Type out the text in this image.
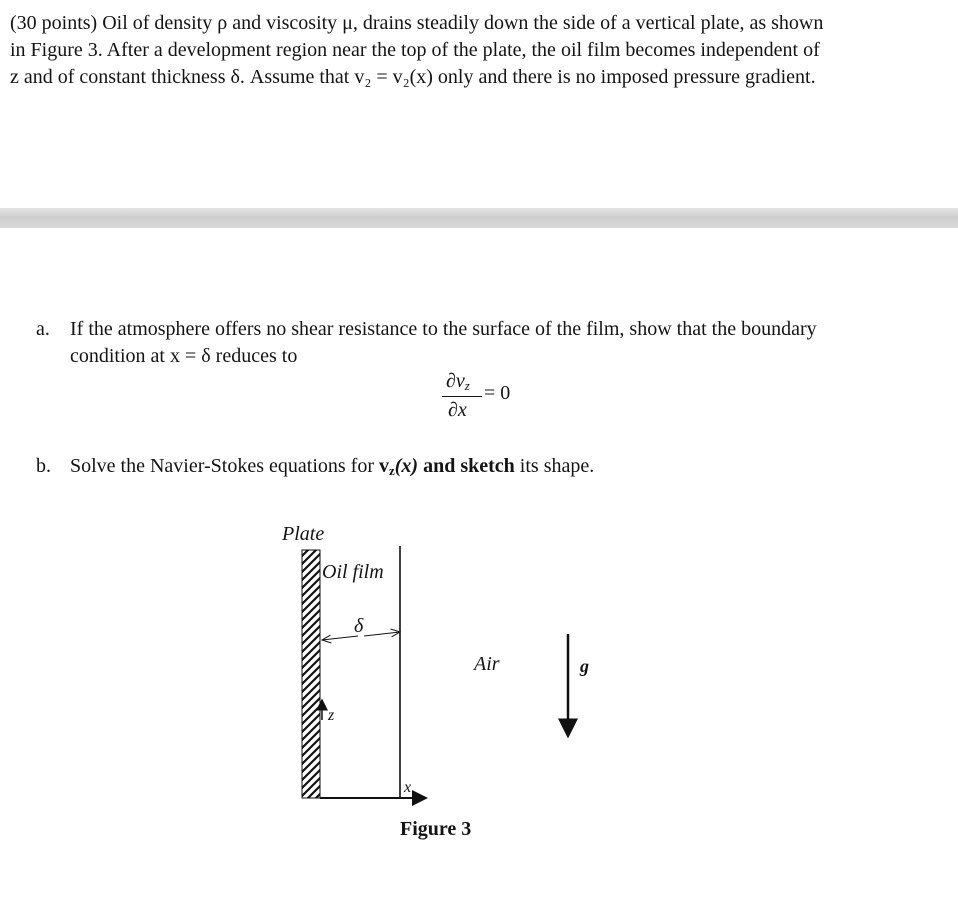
(30 points) Oil of density ρ and viscosity μ, drains steadily down the side of a vertical plate, as shown
in Figure 3. After a development region near the top of the plate, the oil film becomes independent of
z and of constant thickness δ. Assume that v₂ = v₂(x) only and there is no imposed pressure gradient.

a. If the atmosphere offers no shear resistance to the surface of the film, show that the boundary
condition at x = δ reduces to
∂vz
∂x
= 0
b. Solve the Navier-Stokes equations for vz(x) and sketch its shape.
Plate
Oil film
δ
Air	g
z
x
Figure 3
